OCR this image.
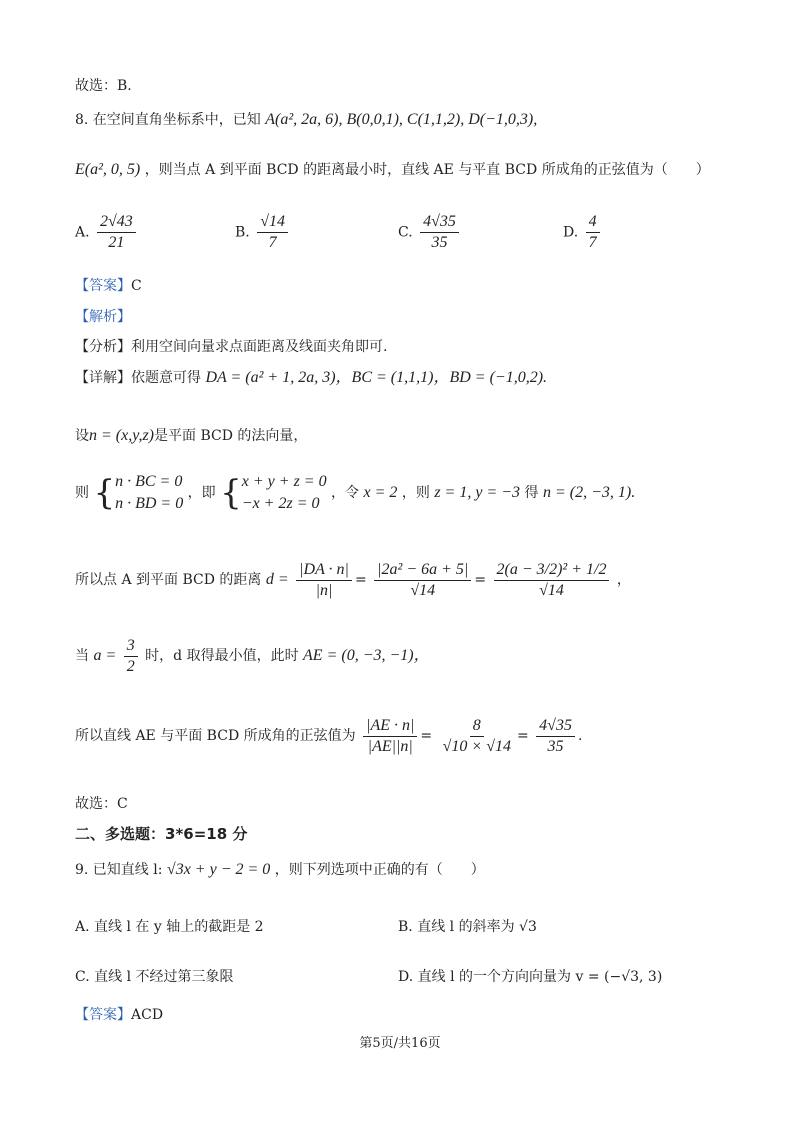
故选：B.
8. 在空间直角坐标系中，已知 A(a², 2a, 6), B(0,0,1), C(1,1,2), D(−1,0,3),
E(a², 0, 5) ，则当点 A 到平面 BCD 的距离最小时，直线 AE 与平直 BCD 所成角的正弦值为（　　）
A. $\frac{2√43}{21}$	B. $\frac{√14}{7}$	C. $\frac{4√35}{35}$	D. $\frac{4}{7}$
【答案】C
【解析】
【分析】利用空间向量求点面距离及线面夹角即可.
【详解】依题意可得 DA = (a² + 1, 2a, 3)，BC = (1,1,1)，BD = (−1,0,2).
设n = (x,y,z)是平面 BCD 的法向量，
则 { n · BC = 0
n · BD = 0
，即 { x + y + z = 0
−x + 2z = 0
，令 x = 2 ，则 z = 1, y = −3 得 n = (2, −3, 1).
所以点 A 到平面 BCD 的距离 $d = \frac{|DA \cdot n|}{|n|} = \frac{\text{|2a² − 6a + 5|}}{√14} = \frac{\text{2(a − 3/2)² + 1/2}}{√14}$ ，
当 $a = \frac{3}{2}$ 时，d 取得最小值，此时 AE = (0, −3, −1)，
所以直线 AE 与平面 BCD 所成角的正弦值为 $\frac{|AE \cdot n|}{|AE||n|} = \frac{8}{√10 \times √14} = \frac{4√35}{35}$ .
故选：C
二、多选题：3*6=18 分
9. 已知直线 l: √3x + y − 2 = 0 ，则下列选项中正确的有（　　）
A. 直线 l 在 y 轴上的截距是 2	B. 直线 l 的斜率为 √3
C. 直线 l 不经过第三象限	D. 直线 l 的一个方向向量为 v = (−√3, 3)
【答案】ACD
第5页/共16页
